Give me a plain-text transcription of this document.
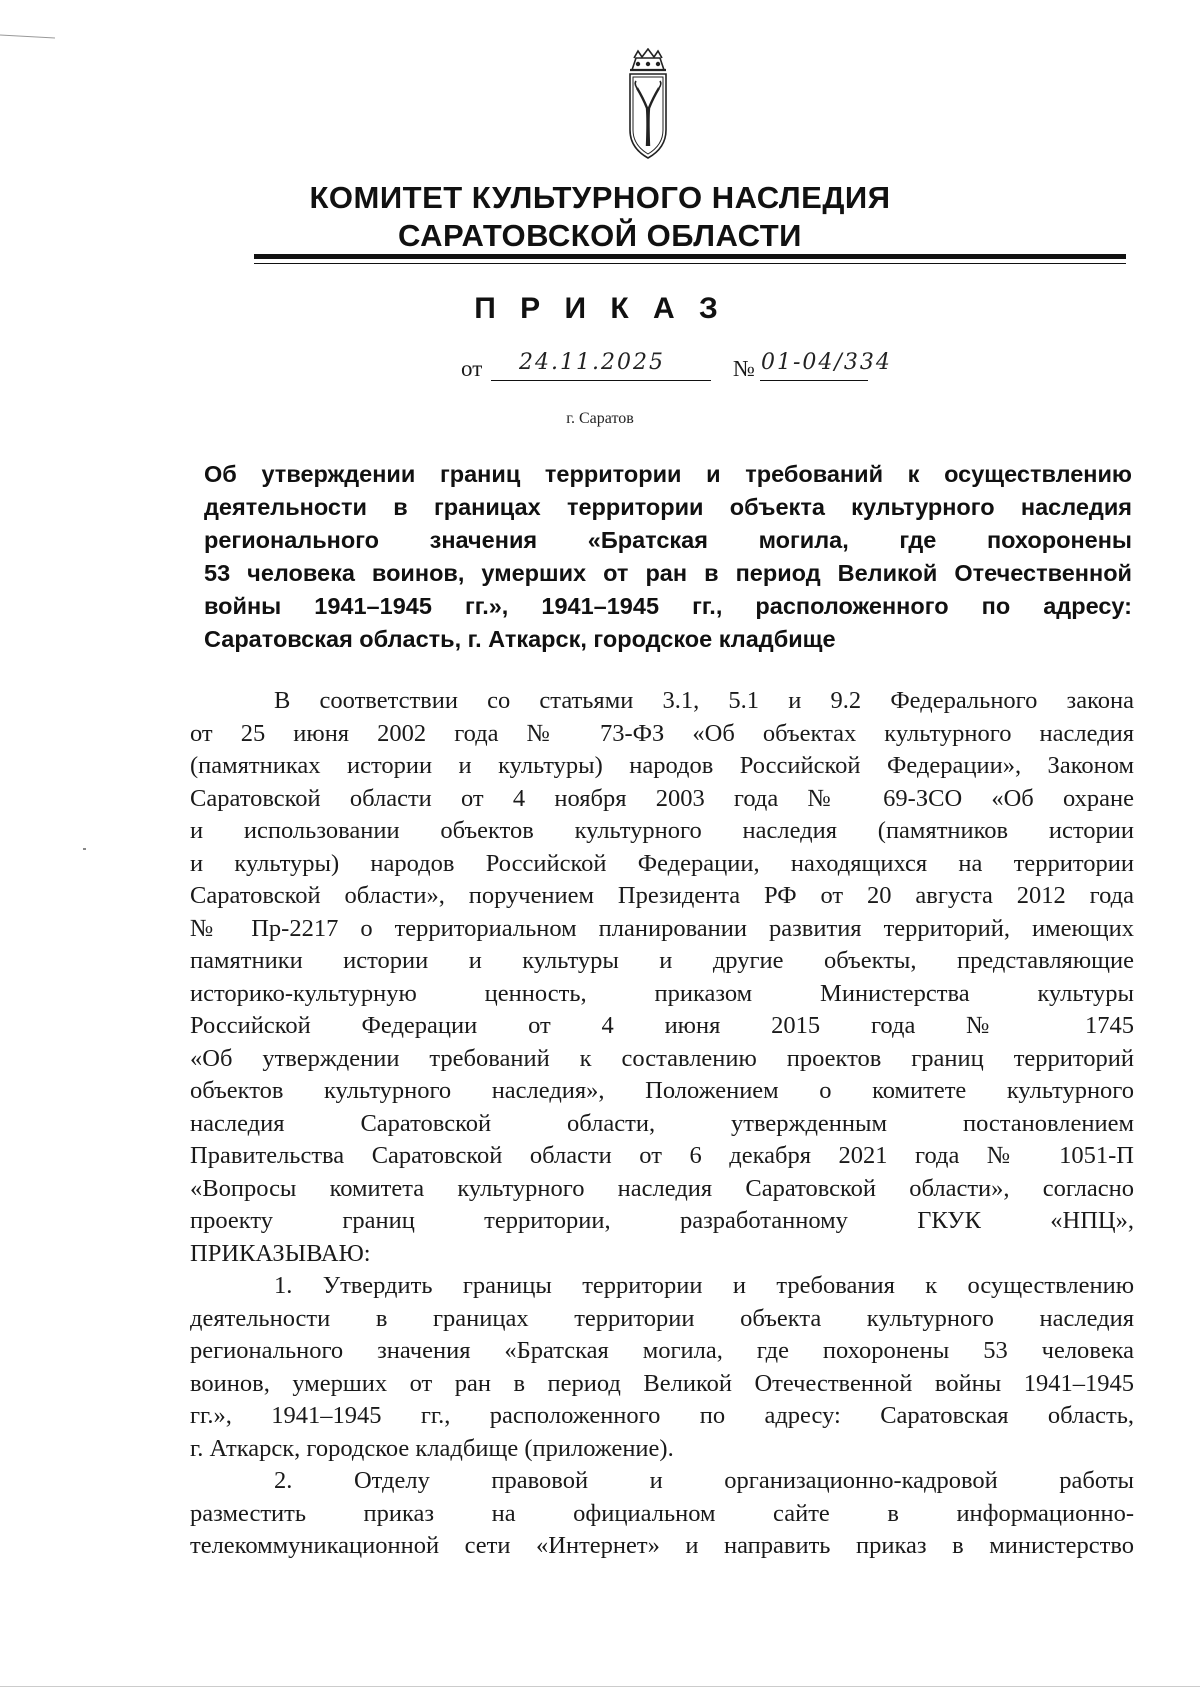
КОМИТЕТ КУЛЬТУРНОГО НАСЛЕДИЯ
САРАТОВСКОЙ ОБЛАСТИ
П Р И К А З
от 24.11.2025	№ 01-04/334
г. Саратов
Об утверждении границ территории и требований к осуществлению
деятельности в границах территории объекта культурного наследия
регионального значения «Братская могила, где похоронены
53 человека воинов, умерших от ран в период Великой Отечественной
войны 1941–1945 гг.», 1941–1945 гг., расположенного по адресу:
Саратовская область, г. Аткарск, городское кладбище
В соответствии со статьями 3.1, 5.1 и 9.2 Федерального закона
от 25 июня 2002 года № 73-ФЗ «Об объектах культурного наследия
(памятниках истории и культуры) народов Российской Федерации», Законом
Саратовской области от 4 ноября 2003 года № 69-ЗСО «Об охране
и использовании объектов культурного наследия (памятников истории
и культуры) народов Российской Федерации, находящихся на территории
Саратовской области», поручением Президента РФ от 20 августа 2012 года
№ Пр-2217 о территориальном планировании развития территорий, имеющих
памятники истории и культуры и другие объекты, представляющие
историко-культурную ценность, приказом Министерства культуры
Российской Федерации от 4 июня 2015 года № 1745
«Об утверждении требований к составлению проектов границ территорий
объектов культурного наследия», Положением о комитете культурного
наследия Саратовской области, утвержденным постановлением
Правительства Саратовской области от 6 декабря 2021 года № 1051-П
«Вопросы комитета культурного наследия Саратовской области», согласно
проекту границ территории, разработанному ГКУК «НПЦ»,
ПРИКАЗЫВАЮ:
1. Утвердить границы территории и требования к осуществлению
деятельности в границах территории объекта культурного наследия
регионального значения «Братская могила, где похоронены 53 человека
воинов, умерших от ран в период Великой Отечественной войны 1941–1945
гг.», 1941–1945 гг., расположенного по адресу: Саратовская область,
г. Аткарск, городское кладбище (приложение).
2. Отделу правовой и организационно-кадровой работы
разместить приказ на официальном сайте в информационно-
телекоммуникационной сети «Интернет» и направить приказ в министерство
